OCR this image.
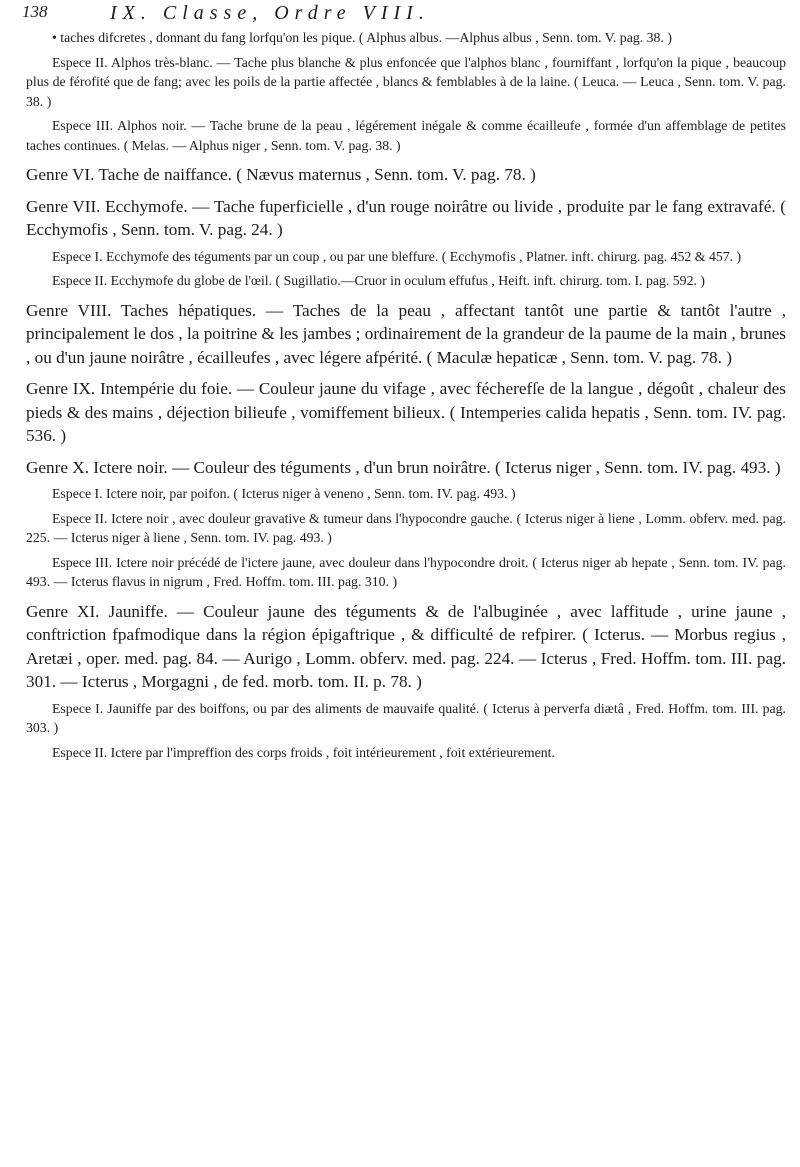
138	IX. Classe, Ordre VIII.

• taches difcretes , donnant du fang lorfqu'on les pique. ( Alphus albus. —Alphus albus , Senn. tom. V. pag. 38. )

Espece II. Alphos très-blanc. — Tache plus blanche & plus enfoncée que l'alphos blanc , fourniffant , lorfqu'on la pique , beaucoup plus de férofité que de fang; avec les poils de la partie affectée , blancs & femblables à de la laine. ( Leuca. — Leuca , Senn. tom. V. pag. 38. )

Espece III. Alphos noir. — Tache brune de la peau , légérement inégale & comme écailleufe , formée d'un affemblage de petites taches continues. ( Melas. — Alphus niger , Senn. tom. V. pag. 38. )

Genre VI. Tache de naiffance. ( Nævus maternus , Senn. tom. V. pag. 78. )

Genre VII. Ecchymofe. — Tache fuperficielle , d'un rouge noirâtre ou livide , produite par le fang extravafé. ( Ecchymofis , Senn. tom. V. pag. 24. )

Espece I. Ecchymofe des téguments par un coup , ou par une bleffure. ( Ecchymofis , Platner. inft. chirurg. pag. 452 & 457. )

Espece II. Ecchymofe du globe de l'œil. ( Sugillatio.—Cruor in oculum effufus , Heift. inft. chirurg. tom. I. pag. 592. )

Genre VIII. Taches hépatiques. — Taches de la peau , affectant tantôt une partie & tantôt l'autre , principalement le dos , la poitrine & les jambes ; ordinairement de la grandeur de la paume de la main , brunes , ou d'un jaune noirâtre , écailleufes , avec légere afpérité. ( Maculæ hepaticæ , Senn. tom. V. pag. 78. )

Genre IX. Intempérie du foie. — Couleur jaune du vifage , avec fécherefſe de la langue , dégoût , chaleur des pieds & des mains , déjection bilieufe , vomiffement bilieux. ( Intemperies calida hepatis , Senn. tom. IV. pag. 536. )

Genre X. Ictere noir. — Couleur des téguments , d'un brun noirâtre. ( Icterus niger , Senn. tom. IV. pag. 493. )

Espece I. Ictere noir, par poifon. ( Icterus niger à veneno , Senn. tom. IV. pag. 493. )

Espece II. Ictere noir , avec douleur gravative & tumeur dans l'hypocondre gauche. ( Icterus niger à liene , Lomm. obferv. med. pag. 225. — Icterus niger à liene , Senn. tom. IV. pag. 493. )

Espece III. Ictere noir précédé de l'ictere jaune, avec douleur dans l'hypocondre droit. ( Icterus niger ab hepate , Senn. tom. IV. pag. 493. — Icterus flavus in nigrum , Fred. Hoffm. tom. III. pag. 310. )

Genre XI. Jauniffe. — Couleur jaune des téguments & de l'albuginée , avec laffitude , urine jaune , conftriction fpafmodique dans la région épigaftrique , & difficulté de refpirer. ( Icterus. — Morbus regius , Aretæi , oper. med. pag. 84. — Aurigo , Lomm. obferv. med. pag. 224. — Icterus , Fred. Hoffm. tom. III. pag. 301. — Icterus , Morgagni , de fed. morb. tom. II. p. 78. )

Espece I. Jauniffe par des boiffons, ou par des aliments de mauvaife qualité. ( Icterus à perverfa diætâ , Fred. Hoffm. tom. III. pag. 303. )

Espece II. Ictere par l'impreffion des corps froids , foit intérieurement , foit extérieurement.
